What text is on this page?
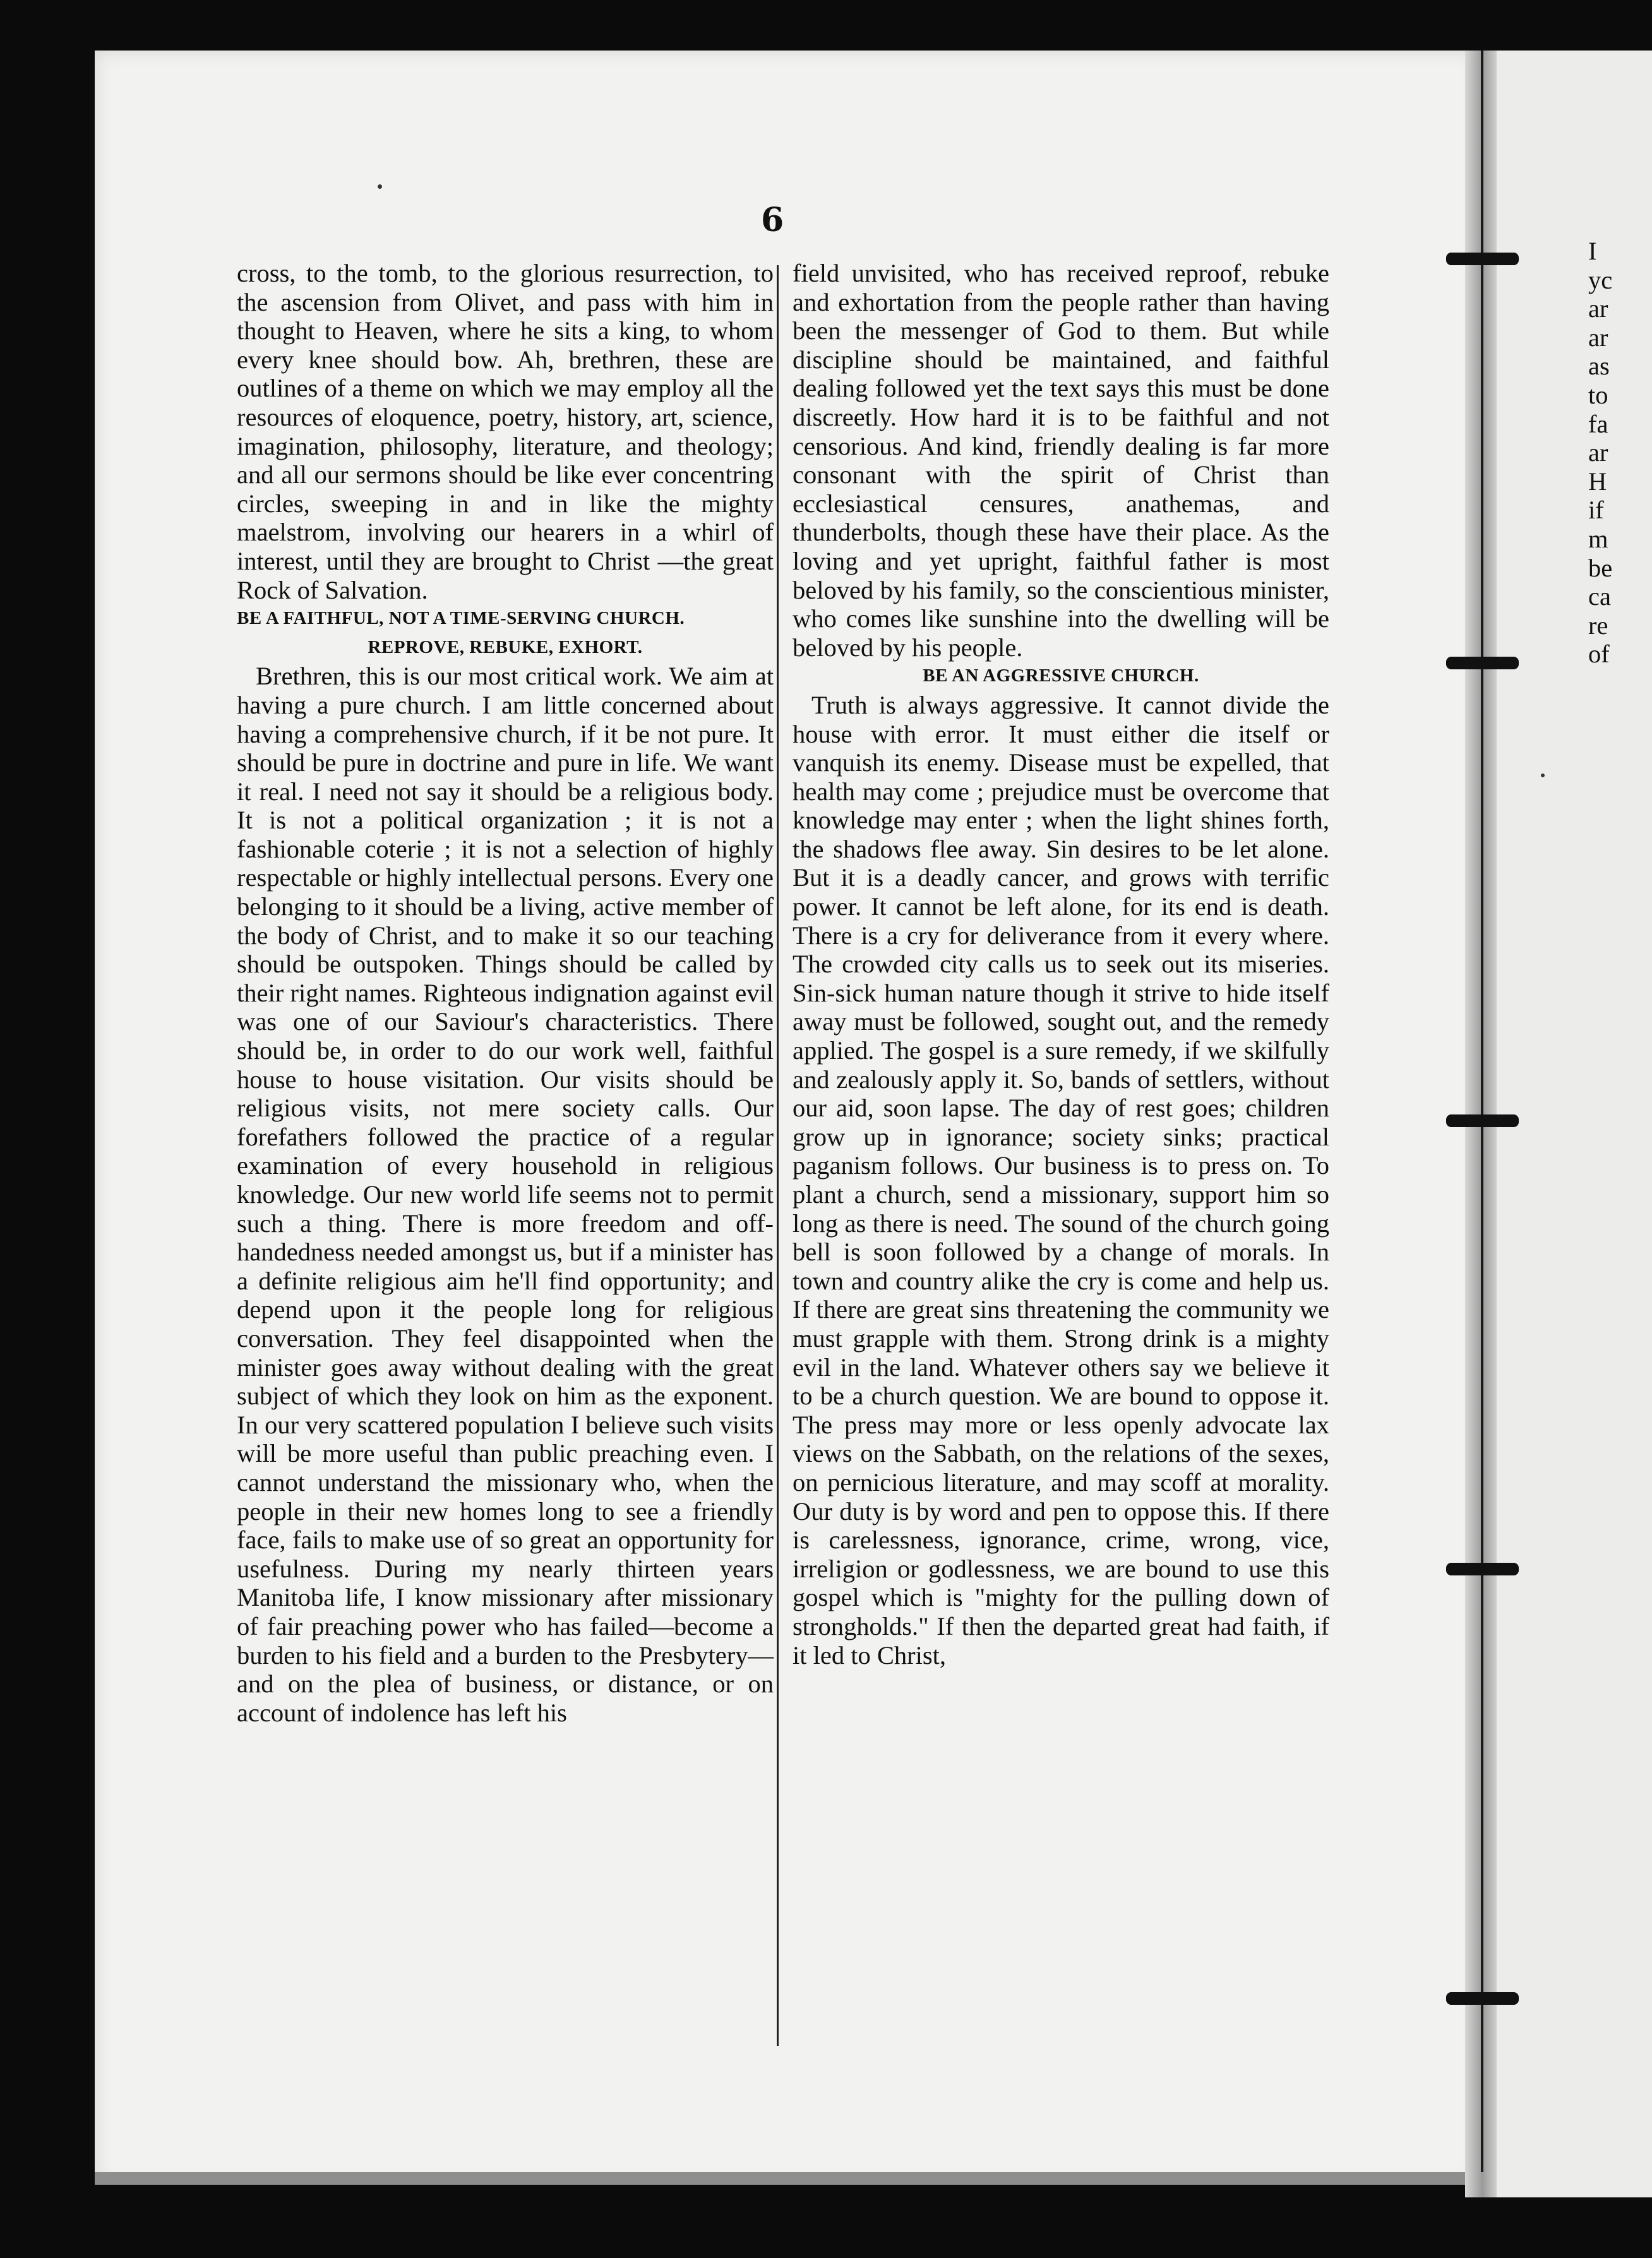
6

cross, to the tomb, to the glorious resurrection, to the ascension from Olivet, and pass with him in thought to Heaven, where he sits a king, to whom every knee should bow. Ah, brethren, these are outlines of a theme on which we may employ all the resources of eloquence, poetry, history, art, science, imagination, philosophy, literature, and theology; and all our sermons should be like ever concentring circles, sweeping in and in like the mighty maelstrom, involving our hearers in a whirl of interest, until they are brought to Christ —the great Rock of Salvation.

BE A FAITHFUL, NOT A TIME-SERVING CHURCH.
REPROVE, REBUKE, EXHORT.

Brethren, this is our most critical work. We aim at having a pure church. I am little concerned about having a comprehensive church, if it be not pure. It should be pure in doctrine and pure in life. We want it real. I need not say it should be a religious body. It is not a political organization ; it is not a fashionable coterie ; it is not a selection of highly respectable or highly intellectual persons. Every one belonging to it should be a living, active member of the body of Christ, and to make it so our teaching should be outspoken. Things should be called by their right names. Righteous indignation against evil was one of our Saviour's characteristics. There should be, in order to do our work well, faithful house to house visitation. Our visits should be religious visits, not mere society calls. Our forefathers followed the practice of a regular examination of every household in religious knowledge. Our new world life seems not to permit such a thing. There is more freedom and off-handedness needed amongst us, but if a minister has a definite religious aim he'll find opportunity; and depend upon it the people long for religious conversation. They feel disappointed when the minister goes away without dealing with the great subject of which they look on him as the exponent. In our very scattered population I believe such visits will be more useful than public preaching even. I cannot understand the missionary who, when the people in their new homes long to see a friendly face, fails to make use of so great an opportunity for usefulness. During my nearly thirteen years Manitoba life, I know missionary after missionary of fair preaching power who has failed—become a burden to his field and a burden to the Presbytery— and on the plea of business, or distance, or on account of indolence has left his

field unvisited, who has received reproof, rebuke and exhortation from the people rather than having been the messenger of God to them. But while discipline should be maintained, and faithful dealing followed yet the text says this must be done discreetly. How hard it is to be faithful and not censorious. And kind, friendly dealing is far more consonant with the spirit of Christ than ecclesiastical censures, anathemas, and thunderbolts, though these have their place. As the loving and yet upright, faithful father is most beloved by his family, so the conscientious minister, who comes like sunshine into the dwelling will be beloved by his people.

BE AN AGGRESSIVE CHURCH.

Truth is always aggressive. It cannot divide the house with error. It must either die itself or vanquish its enemy. Disease must be expelled, that health may come ; prejudice must be overcome that knowledge may enter ; when the light shines forth, the shadows flee away. Sin desires to be let alone. But it is a deadly cancer, and grows with terrific power. It cannot be left alone, for its end is death. There is a cry for deliverance from it every where. The crowded city calls us to seek out its miseries. Sin-sick human nature though it strive to hide itself away must be followed, sought out, and the remedy applied. The gospel is a sure remedy, if we skilfully and zealously apply it. So, bands of settlers, without our aid, soon lapse. The day of rest goes; children grow up in ignorance; society sinks; practical paganism follows. Our business is to press on. To plant a church, send a missionary, support him so long as there is need. The sound of the church going bell is soon followed by a change of morals. In town and country alike the cry is come and help us. If there are great sins threatening the community we must grapple with them. Strong drink is a mighty evil in the land. Whatever others say we believe it to be a church question. We are bound to oppose it. The press may more or less openly advocate lax views on the Sabbath, on the relations of the sexes, on pernicious literature, and may scoff at morality. Our duty is by word and pen to oppose this. If there is carelessness, ignorance, crime, wrong, vice, irreligion or godlessness, we are bound to use this gospel which is "mighty for the pulling down of strongholds." If then the departed great had faith, if it led to Christ,

I
yc
ar
ar
as
to
fa
ar
H
if
m
be
ca
re
of
